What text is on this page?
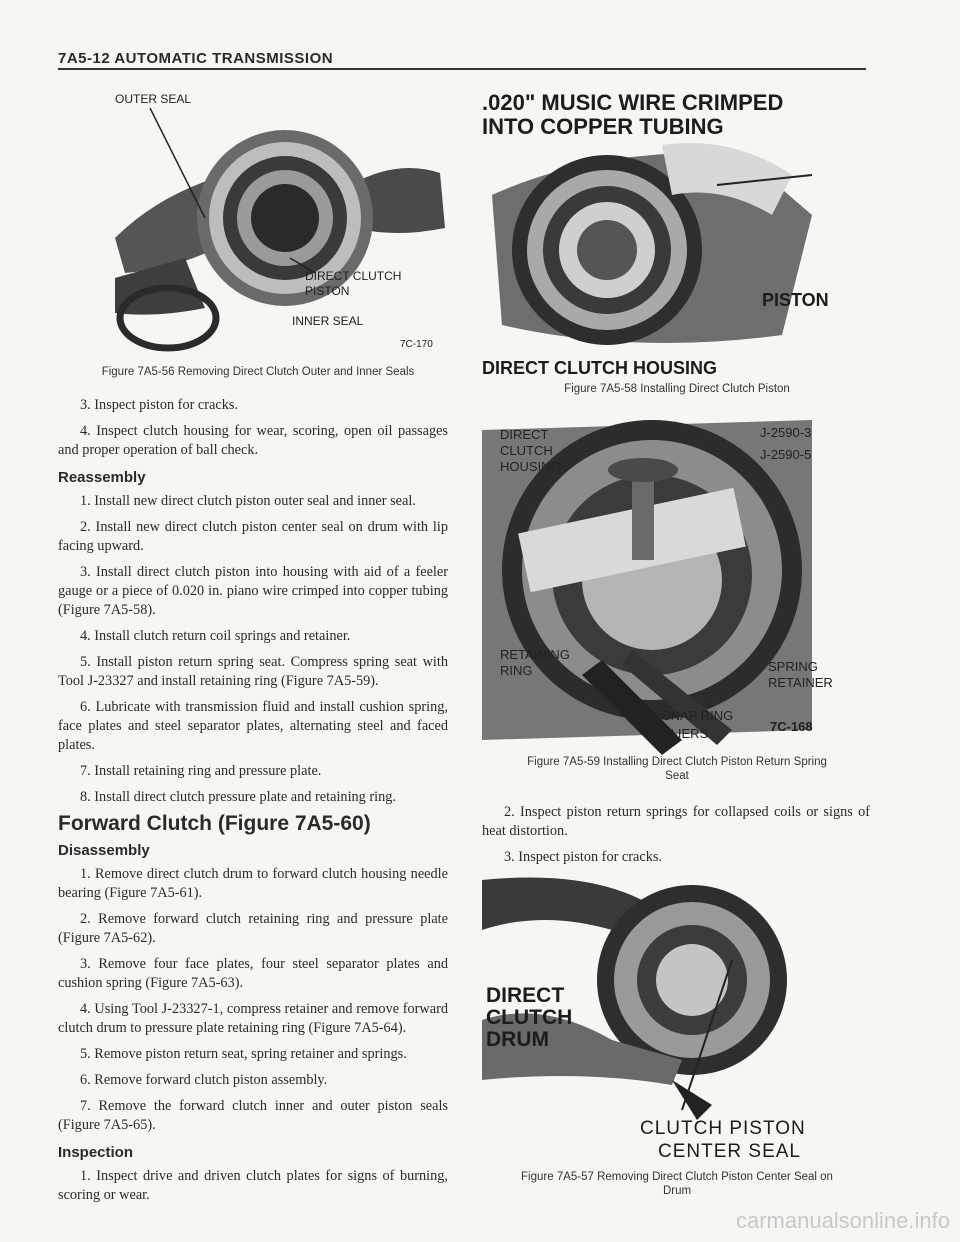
7A5-12 AUTOMATIC TRANSMISSION
OUTER SEAL
DIRECT CLUTCH
PISTON
INNER SEAL
7C-170
Figure 7A5-56 Removing Direct Clutch Outer and Inner Seals

3. Inspect piston for cracks.

4. Inspect clutch housing for wear, scoring, open oil passages and proper operation of ball check.

Reassembly

1. Install new direct clutch piston outer seal and inner seal.

2. Install new direct clutch piston center seal on drum with lip facing upward.

3. Install direct clutch piston into housing with aid of a feeler gauge or a piece of 0.020 in. piano wire crimped into copper tubing (Figure 7A5-58).

4. Install clutch return coil springs and retainer.

5. Install piston return spring seat. Compress spring seat with Tool J-23327 and install retaining ring (Figure 7A5-59).

6. Lubricate with transmission fluid and install cushion spring, face plates and steel separator plates, alternating steel and faced plates.

7. Install retaining ring and pressure plate.

8. Install direct clutch pressure plate and retaining ring.

Forward Clutch (Figure 7A5-60)
Disassembly

1. Remove direct clutch drum to forward clutch housing needle bearing (Figure 7A5-61).

2. Remove forward clutch retaining ring and pressure plate (Figure 7A5-62).

3. Remove four face plates, four steel separator plates and cushion spring (Figure 7A5-63).

4. Using Tool J-23327-1, compress retainer and remove forward clutch drum to pressure plate retaining ring (Figure 7A5-64).

5. Remove piston return seat, spring retainer and springs.

6. Remove forward clutch piston assembly.

7. Remove the forward clutch inner and outer piston seals (Figure 7A5-65).

Inspection

1. Inspect drive and driven clutch plates for signs of burning, scoring or wear.

.020" MUSIC WIRE CRIMPED
INTO COPPER TUBING
PISTON
DIRECT CLUTCH HOUSING
Figure 7A5-58 Installing Direct Clutch Piston
DIRECT
CLUTCH
HOUSING
J-2590-3
J-2590-5
RETAINING
RING	SPRING
RETAINER
SNAP RING
PLIERS	7C-168
Figure 7A5-59 Installing Direct Clutch Piston Return Spring
Seat

2. Inspect piston return springs for collapsed coils or signs of heat distortion.

3. Inspect piston for cracks.

DIRECT
CLUTCH
DRUM
CLUTCH PISTON
CENTER SEAL
Figure 7A5-57 Removing Direct Clutch Piston Center Seal on
Drum
carmanualsonline.info
